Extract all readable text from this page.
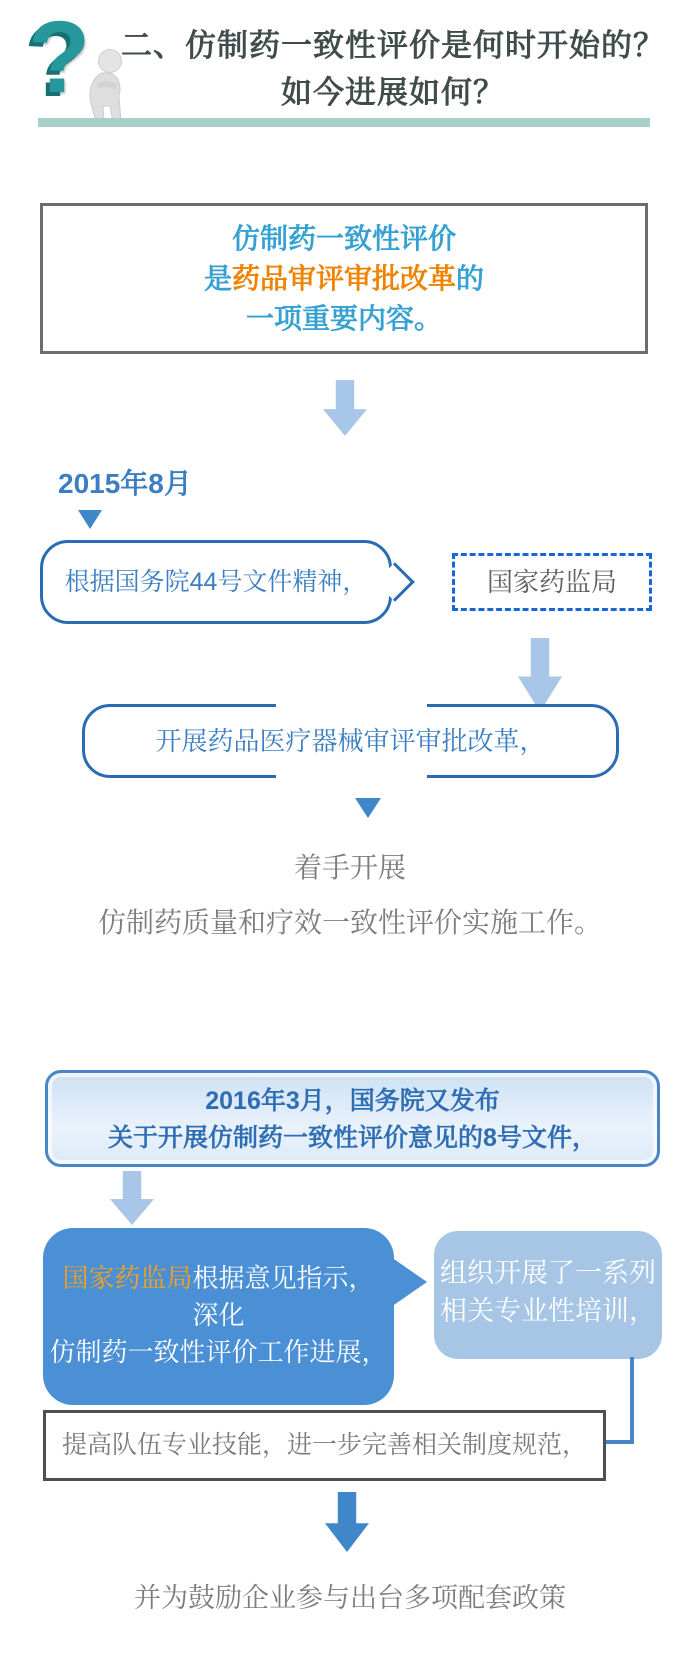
? 二、仿制药一致性评价是何时开始的？
如今进展如何？
仿制药一致性评价
是药品审评审批改革的
一项重要内容。
2015年8月
根据国务院44号文件精神，	国家药监局
开展药品医疗器械审评审批改革，
着手开展
仿制药质量和疗效一致性评价实施工作。
2016年3月，国务院又发布
关于开展仿制药一致性评价意见的8号文件，
国家药监局根据意见指示，
深化
仿制药一致性评价工作进展，
组织开展了一系列
相关专业性培训，
提高队伍专业技能，进一步完善相关制度规范，
并为鼓励企业参与出台多项配套政策
